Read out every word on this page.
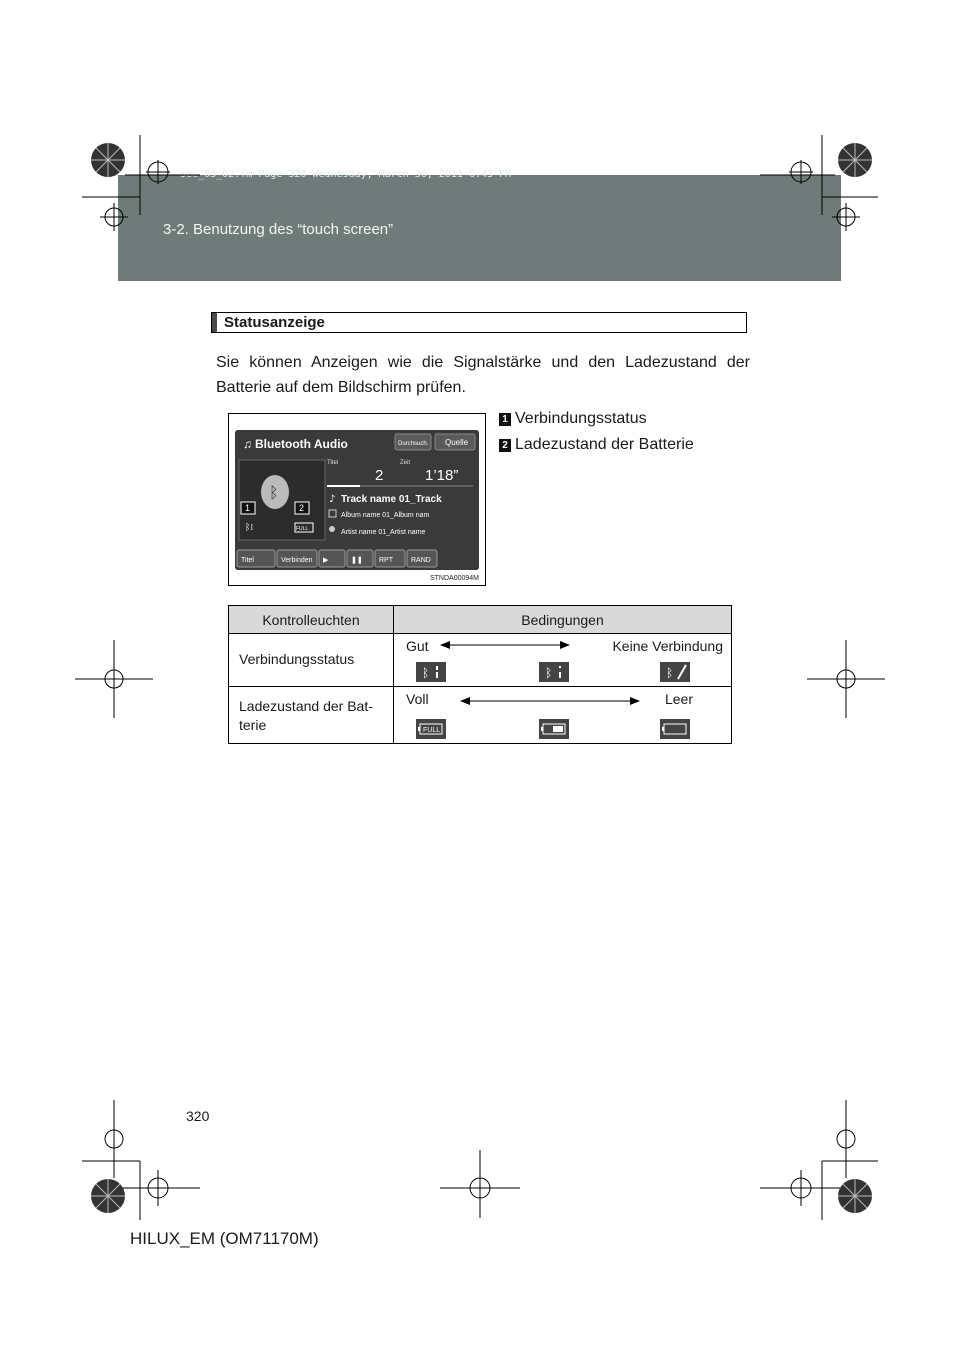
sec_03_02.fm Page 320 Wednesday, March 30, 2011 6:43 PM
3-2. Benutzung des “touch screen”
Statusanzeige
Sie können Anzeigen wie die Signalstärke und den Ladezustand der Batterie auf dem Bildschirm prüfen.
♫ Bluetooth Audio	Durchsuch. Quelle
ᛒ
1	2
ᛒ⁞	FULL
Titel	Zeit
2	1’18”
♪ Track name 01_Track
Album name 01_Album nam
Artist name 01_Artist name
Titel	Verbinden ▶	❚❚ RPT	RAND
STNDA00094M
1 Verbindungsstatus
2 Ladezustand der Batterie
Kontrolleuchten	Bedingungen
Verbindungsstatus	Gut Keine Verbindung
ᛒ ᛒ ᛒ

Ladezustand der Bat-terie	Voll Leer
FULL
320
HILUX_EM (OM71170M)
